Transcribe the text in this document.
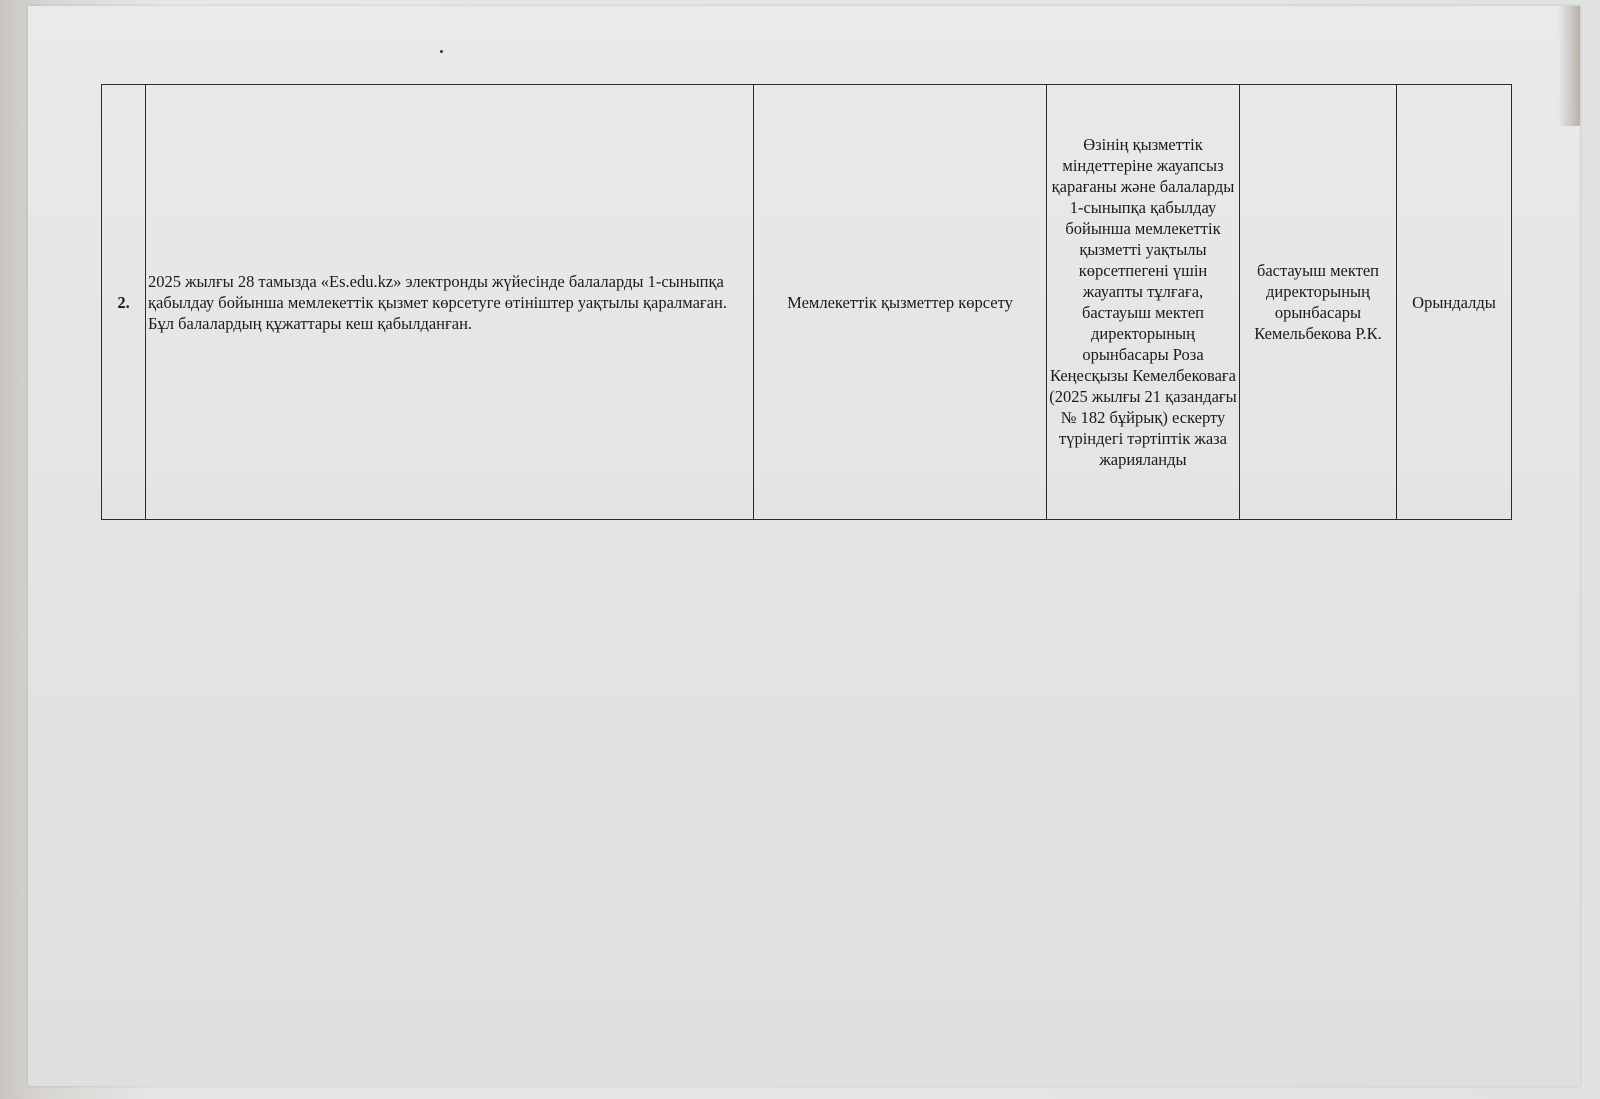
2.	2025 жылғы 28 тамызда «Es.edu.kz» электронды жүйесінде балаларды 1-сыныпқа қабылдау бойынша мемлекеттік қызмет көрсетуге өтініштер уақтылы қаралмаған. Бұл балалардың құжаттары кеш қабылданған.	Мемлекеттік қызметтер көрсету	Өзінің қызметтік міндеттеріне жауапсыз қарағаны және балаларды 1-сыныпқа қабылдау бойынша мемлекеттік қызметті уақтылы көрсетпегені үшін жауапты тұлғаға, бастауыш мектеп директорының орынбасары Роза Кеңесқызы Кемелбековаға (2025 жылғы 21 қазандағы № 182 бұйрық) ескерту түріндегі тәртіптік жаза жарияланды	бастауыш мектеп директорының орынбасары Кемельбекова Р.К.	Орындалды
